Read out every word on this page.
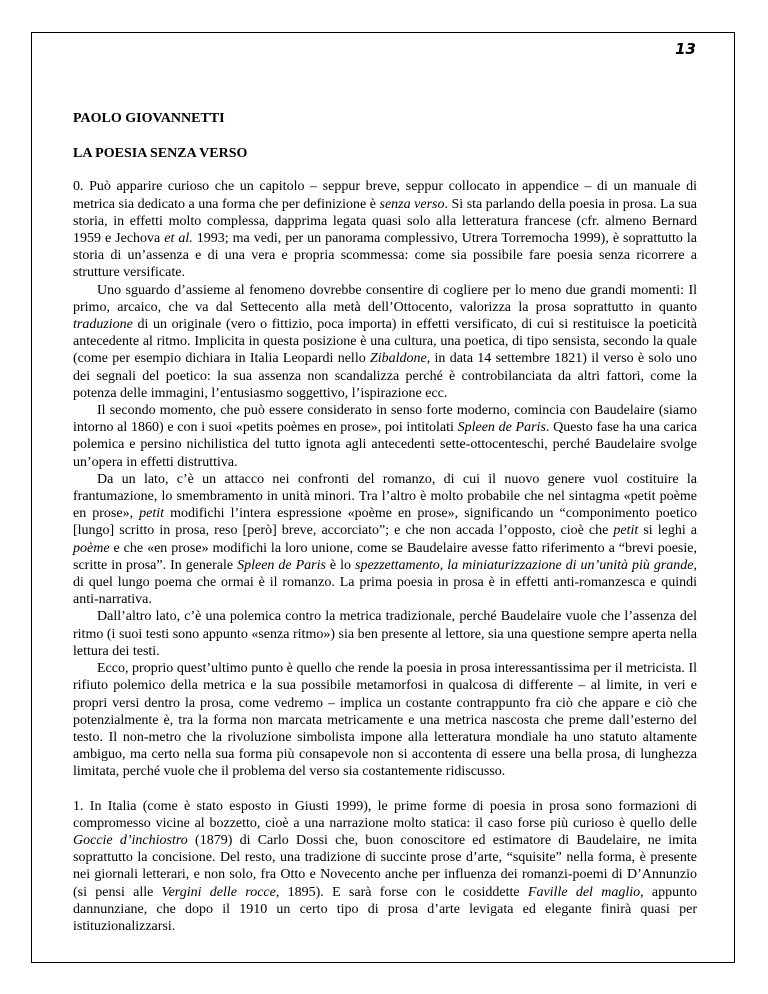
13
PAOLO GIOVANNETTI
LA POESIA SENZA VERSO

0. Può apparire curioso che un capitolo – seppur breve, seppur collocato in appendice – di un manuale di metrica sia dedicato a una forma che per definizione è senza verso. Si sta parlando della poesia in prosa. La sua storia, in effetti molto complessa, dapprima legata quasi solo alla letteratura francese (cfr. almeno Bernard 1959 e Jechova et al. 1993; ma vedi, per un panorama complessivo, Utrera Torremocha 1999), è soprattutto la storia di un’assenza e di una vera e propria scommessa: come sia possibile fare poesia senza ricorrere a strutture versificate.

Uno sguardo d’assieme al fenomeno dovrebbe consentire di cogliere per lo meno due grandi momenti: Il primo, arcaico, che va dal Settecento alla metà dell’Ottocento, valorizza la prosa soprattutto in quanto traduzione di un originale (vero o fittizio, poca importa) in effetti versificato, di cui si restituisce la poeticità antecedente al ritmo. Implicita in questa posizione è una cultura, una poetica, di tipo sensista, secondo la quale (come per esempio dichiara in Italia Leopardi nello Zibaldone, in data 14 settembre 1821) il verso è solo uno dei segnali del poetico: la sua assenza non scandalizza perché è controbilanciata da altri fattori, come la potenza delle immagini, l’entusiasmo soggettivo, l’ispirazione ecc.

Il secondo momento, che può essere considerato in senso forte moderno, comincia con Baudelaire (siamo intorno al 1860) e con i suoi «petits poèmes en prose», poi intitolati Spleen de Paris. Questo fase ha una carica polemica e persino nichilistica del tutto ignota agli antecedenti sette-ottocenteschi, perché Baudelaire svolge un’opera in effetti distruttiva.

Da un lato, c’è un attacco nei confronti del romanzo, di cui il nuovo genere vuol costituire la frantumazione, lo smembramento in unità minori. Tra l’altro è molto probabile che nel sintagma «petit poème en prose», petit modifichi l’intera espressione «poème en prose», significando un “componimento poetico [lungo] scritto in prosa, reso [però] breve, accorciato”; e che non accada l’opposto, cioè che petit si leghi a poème e che «en prose» modifichi la loro unione, come se Baudelaire avesse fatto riferimento a “brevi poesie, scritte in prosa”. In generale Spleen de Paris è lo spezzettamento, la miniaturizzazione di un’unità più grande, di quel lungo poema che ormai è il romanzo. La prima poesia in prosa è in effetti anti-romanzesca e quindi anti-narrativa.

Dall’altro lato, c’è una polemica contro la metrica tradizionale, perché Baudelaire vuole che l’assenza del ritmo (i suoi testi sono appunto «senza ritmo») sia ben presente al lettore, sia una questione sempre aperta nella lettura dei testi.

Ecco, proprio quest’ultimo punto è quello che rende la poesia in prosa interessantissima per il metricista. Il rifiuto polemico della metrica e la sua possibile metamorfosi in qualcosa di differente – al limite, in veri e propri versi dentro la prosa, come vedremo – implica un costante contrappunto fra ciò che appare e ciò che potenzialmente è, tra la forma non marcata metricamente e una metrica nascosta che preme dall’esterno del testo. Il non-metro che la rivoluzione simbolista impone alla letteratura mondiale ha uno statuto altamente ambiguo, ma certo nella sua forma più consapevole non si accontenta di essere una bella prosa, di lunghezza limitata, perché vuole che il problema del verso sia costantemente ridiscusso.

1. In Italia (come è stato esposto in Giusti 1999), le prime forme di poesia in prosa sono formazioni di compromesso vicine al bozzetto, cioè a una narrazione molto statica: il caso forse più curioso è quello delle Goccie d’inchiostro (1879) di Carlo Dossi che, buon conoscitore ed estimatore di Baudelaire, ne imita soprattutto la concisione. Del resto, una tradizione di succinte prose d’arte, “squisite” nella forma, è presente nei giornali letterari, e non solo, fra Otto e Novecento anche per influenza dei romanzi-poemi di D’Annunzio (si pensi alle Vergini delle rocce, 1895). E sarà forse con le cosiddette Faville del maglio, appunto dannunziane, che dopo il 1910 un certo tipo di prosa d’arte levigata ed elegante finirà quasi per istituzionalizzarsi.
